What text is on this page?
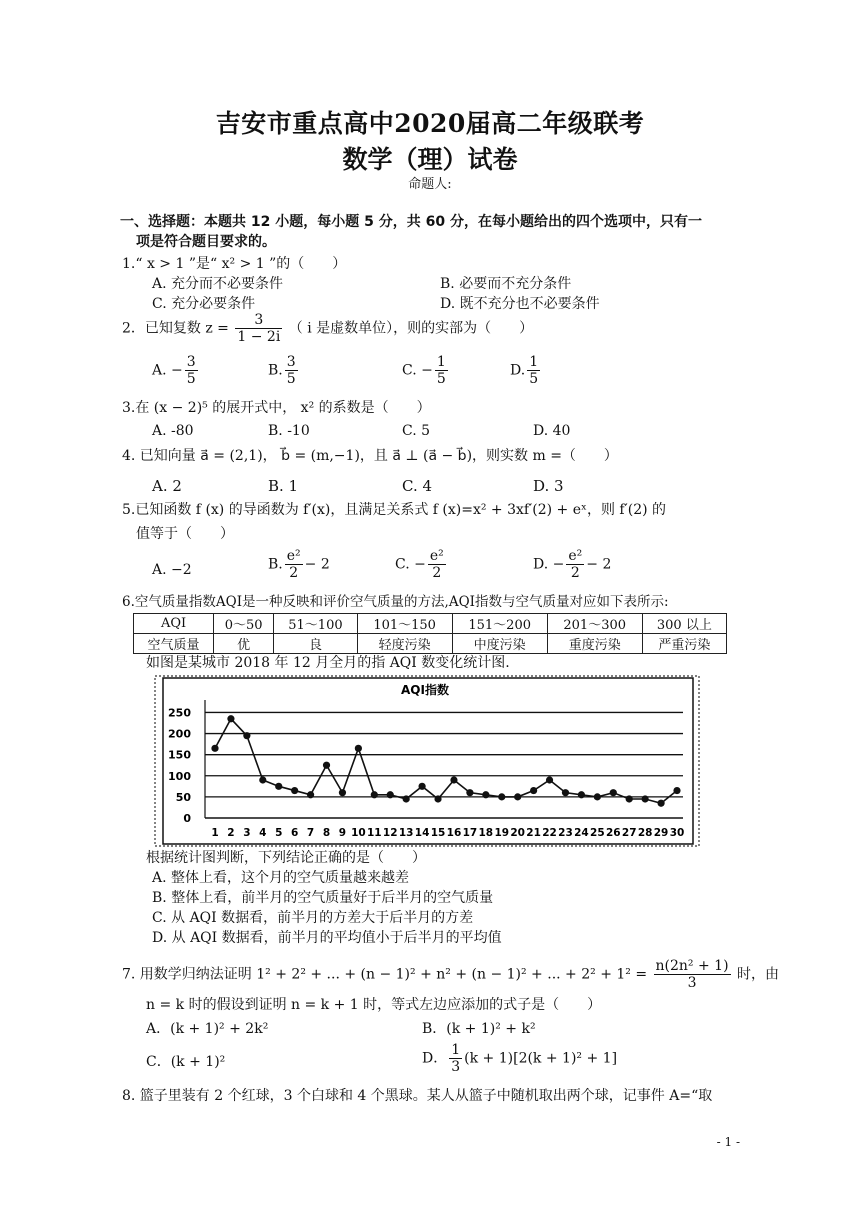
吉安市重点高中2020届高二年级联考
数学（理）试卷
命题人:
一、选择题：本题共 12 小题，每小题 5 分，共 60 分，在每小题给出的四个选项中，只有一
项是符合题目要求的。
1.“ x > 1 ”是“ x² > 1 ”的（　　）
A. 充分而不必要条件	B. 必要而不充分条件
C. 充分必要条件	D. 既不充分也不必要条件
2．已知复数 $z = \frac{3}{1 - 2i}$ （ i 是虚数单位），则的实部为（　　）
A. − $\frac{3}{5}$	B. $\frac{3}{5}$	C. − $\frac{1}{5}$	D. $\frac{1}{5}$
3.在 (x − 2)⁵ 的展开式中， x² 的系数是（　　）
A. -80	B. -10	C. 5	D. 40
4. 已知向量 a⃗ = (2,1)， b⃗ = (m,−1)，且 a⃗ ⊥ (a⃗ − b⃗)，则实数 m =（　　）
A. 2	B. 1	C. 4	D. 3
5.已知函数 f (x) 的导函数为 f′(x)，且满足关系式 f (x)=x² + 3xf′(2) + eˣ，则 f′(2) 的
值等于（　　）
A. −2	B. $\frac{\text{e²}}{2} - 2$	C. − $\frac{\text{e²}}{2}$	D. − $\frac{\text{e²}}{2} - 2$
6.空气质量指数AQI是一种反映和评价空气质量的方法,AQI指数与空气质量对应如下表所示:
AQI	0～50	51～100	101～150	151～200	201～300	300 以上
空气质量	优	良	轻度污染	中度污染	重度污染	严重污染
如图是某城市 2018 年 12 月全月的指 AQI 数变化统计图.
AQI指数
0
50
100
150
200
250
1 2 3 4 5 6 7 8 9 10 11 12 13 14 15 16 17 18 19 20 21 22 23 24 25 26 27 28 29 30
根据统计图判断，下列结论正确的是（　　）
A. 整体上看，这个月的空气质量越来越差
B. 整体上看，前半月的空气质量好于后半月的空气质量
C. 从 AQI 数据看，前半月的方差大于后半月的方差
D. 从 AQI 数据看，前半月的平均值小于后半月的平均值
7. 用数学归纳法证明 1² + 2² + ... + (n − 1)² + n² + (n − 1)² + ... + $2^2 + 1^2 = \frac{\text{n(2n² + 1)}}{3}$ 时，由
n = k 时的假设到证明 n = k + 1 时，等式左边应添加的式子是（　　）
A．(k + 1)² + 2k²	B．(k + 1)² + k²
C．(k + 1)²	D． $\frac{1}{3} (k + 1)[2(k + 1)^2 + 1]$
8. 篮子里装有 2 个红球，3 个白球和 4 个黑球。某人从篮子中随机取出两个球，记事件 A=“取
- 1 -
